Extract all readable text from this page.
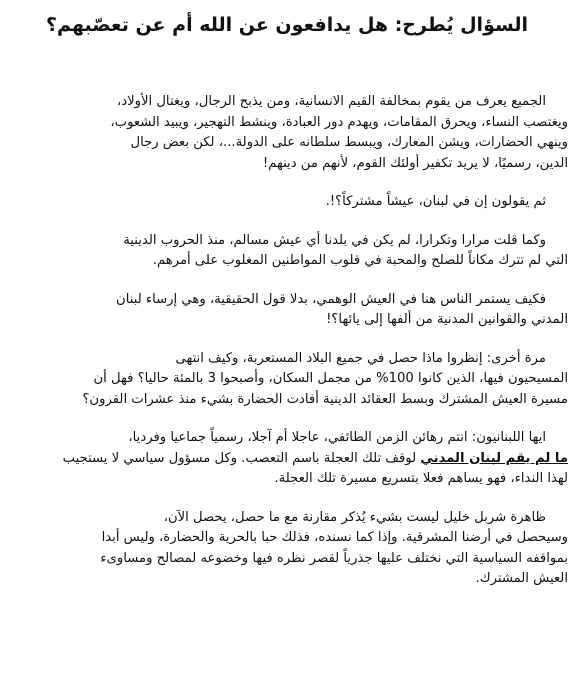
السؤال يُطرح: هل يدافعون عن الله أم عن تعصّبهم؟

الجميع يعرف من يقوم بمخالفة القيم الانسانية، ومن يذبح الرجال، ويغتال الأولاد،
ويغتصب النساء، ويحرق المقامات، ويهدم دور العبادة، وينشط التهجير، ويبيد الشعوب،
وينهي الحضارات، ويشن المعارك، ويبسط سلطانه على الدولة...، لكن بعض رجال
الدين، رسميًا، لا يريد تكفير أولئك القوم، لأنهم من دينهم!

ثم يقولون إن في لبنان، عيشاً مشتركاً؟!.

وكما قلت مرارا وتكرارا، لم يكن في بلدنا أي عيش مسالم، منذ الحروب الدينية
التي لم تترك مكاناً للصلح والمحبة في قلوب المواطنين المغلوب على أمرهم.

فكيف يستمر الناس هنا في العيش الوهمي، بدلا قول الحقيقية، وهي إرساء لبنان
المدني والقوانين المدنية من ألفها إلى يائها؟!

مرة أخرى: إنظروا ماذا حصل في جميع البلاد المستعربة، وكيف انتهى
المسيحيون فيها، الذين كانوا 100% من مجمل السكان، وأصبحوا 3 بالمئة حاليا؟ فهل أن
مسيرة العيش المشترك وبسط العقائد الدينية أفادت الحضارة بشيء منذ عشرات القرون؟

ايها اللبنانيون: انتم رهائن الزمن الطائفي، عاجلا أم آجلا، رسمياً جماعيا وفرديا،
ما لم يقم لبنان المدني لوقف تلك العجلة باسم التعصب. وكل مسؤول سياسي لا يستجيب
لهذا النداء، فهو يساهم فعلا بتسريع مسيرة تلك العجلة.

ظاهرة شربل خليل ليست بشيء يُذكر مقارنة مع ما حصل، يحصل الآن،
وسيحصل في أرضنا المشرقية. وإذا كما نسنده، فذلك حبا بالحرية والحضارة، وليس أبدا
بمواقفه السياسية التي نختلف عليها جذرياً لقصر نظره فيها وخضوعه لمصالح ومساوىء
العيش المشترك.
